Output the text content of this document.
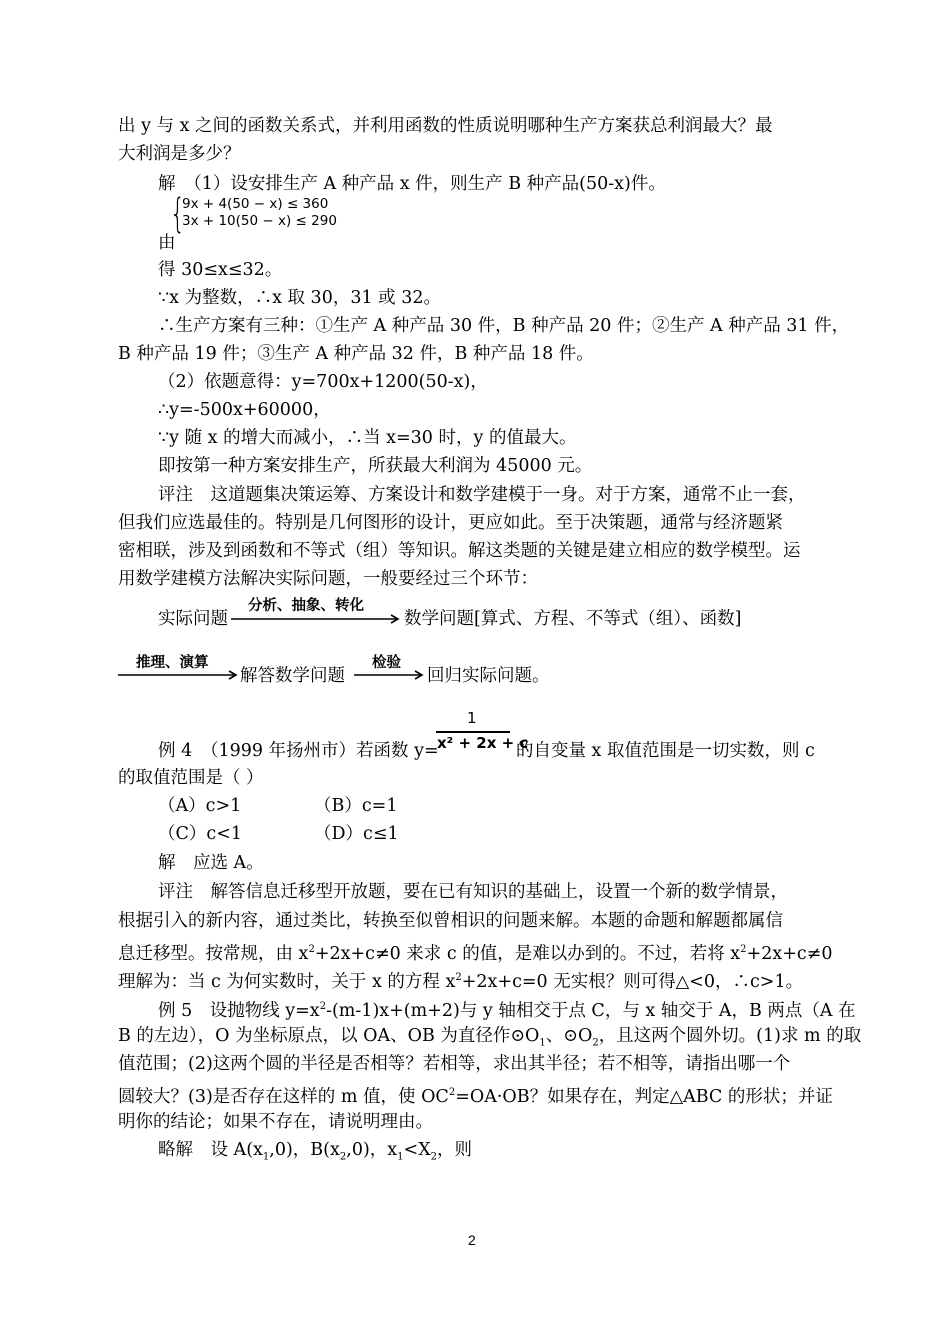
出 y 与 x 之间的函数关系式，并利用函数的性质说明哪种生产方案获总利润最大？最
大利润是多少？
解　（1）设安排生产 A 种产品 x 件，则生产 B 种产品(50-x)件。
{
9x + 4(50 − x) ≤ 360
3x + 10(50 − x) ≤ 290
由
得 30≤x≤32。
∵x 为整数，∴x 取 30，31 或 32。
∴生产方案有三种：①生产 A 种产品 30 件，B 种产品 20 件；②生产 A 种产品 31 件，
B 种产品 19 件；③生产 A 种产品 32 件，B 种产品 18 件。
（2）依题意得：y=700x+1200(50-x)，
∴y=-500x+60000，
∵y 随 x 的增大而减小，∴当 x=30 时，y 的值最大。
即按第一种方案安排生产，所获最大利润为 45000 元。
评注　这道题集决策运筹、方案设计和数学建模于一身。对于方案，通常不止一套，
但我们应选最佳的。特别是几何图形的设计，更应如此。至于决策题，通常与经济题紧
密相联，涉及到函数和不等式（组）等知识。解这类题的关键是建立相应的数学模型。运
用数学建模方法解决实际问题，一般要经过三个环节：
实际问题
分析、抽象、转化
数学问题[算式、方程、不等式（组）、函数]
推理、演算
解答数学问题
检验
回归实际问题。
例 4　（1999 年扬州市）若函数 y=
1
x² + 2x + c
的自变量 x 取值范围是一切实数，则 c
的取值范围是（ ）
（A）c>1	（B）c=1
（C）c<1	（D）c≤1
解　应选 A。
评注　解答信息迁移型开放题，要在已有知识的基础上，设置一个新的数学情景，
根据引入的新内容，通过类比，转换至似曾相识的问题来解。本题的命题和解题都属信
息迁移型。按常规，由 $x^2+2x+c\ne 0$ 来求 c 的值，是难以办到的。不过，若将 $x^2+2x+c\ne 0$
理解为：当 c 为何实数时，关于 x 的方程 $x^2+2x+c=0$ 无实根？则可得△<0，∴c>1。
例 5　设抛物线 $y=x^2-(m-1)x+(m+2)$与 y 轴相交于点 C，与 x 轴交于 A，B 两点（A 在
B 的左边），O 为坐标原点，以 OA、OB 为直径作$⊙O_1$、$⊙O_2$，且这两个圆外切。(1)求 m 的取
值范围；(2)这两个圆的半径是否相等？若相等，求出其半径；若不相等，请指出哪一个
圆较大？(3)是否存在这样的 m 值，使 $OC^2=OA\cdot OB$？如果存在，判定△ABC 的形状；并证
明你的结论；如果不存在，请说明理由。
略解　设 $A(x_1,0)$，$B(x_2,0)$，$x_1<X_2$，则
2
